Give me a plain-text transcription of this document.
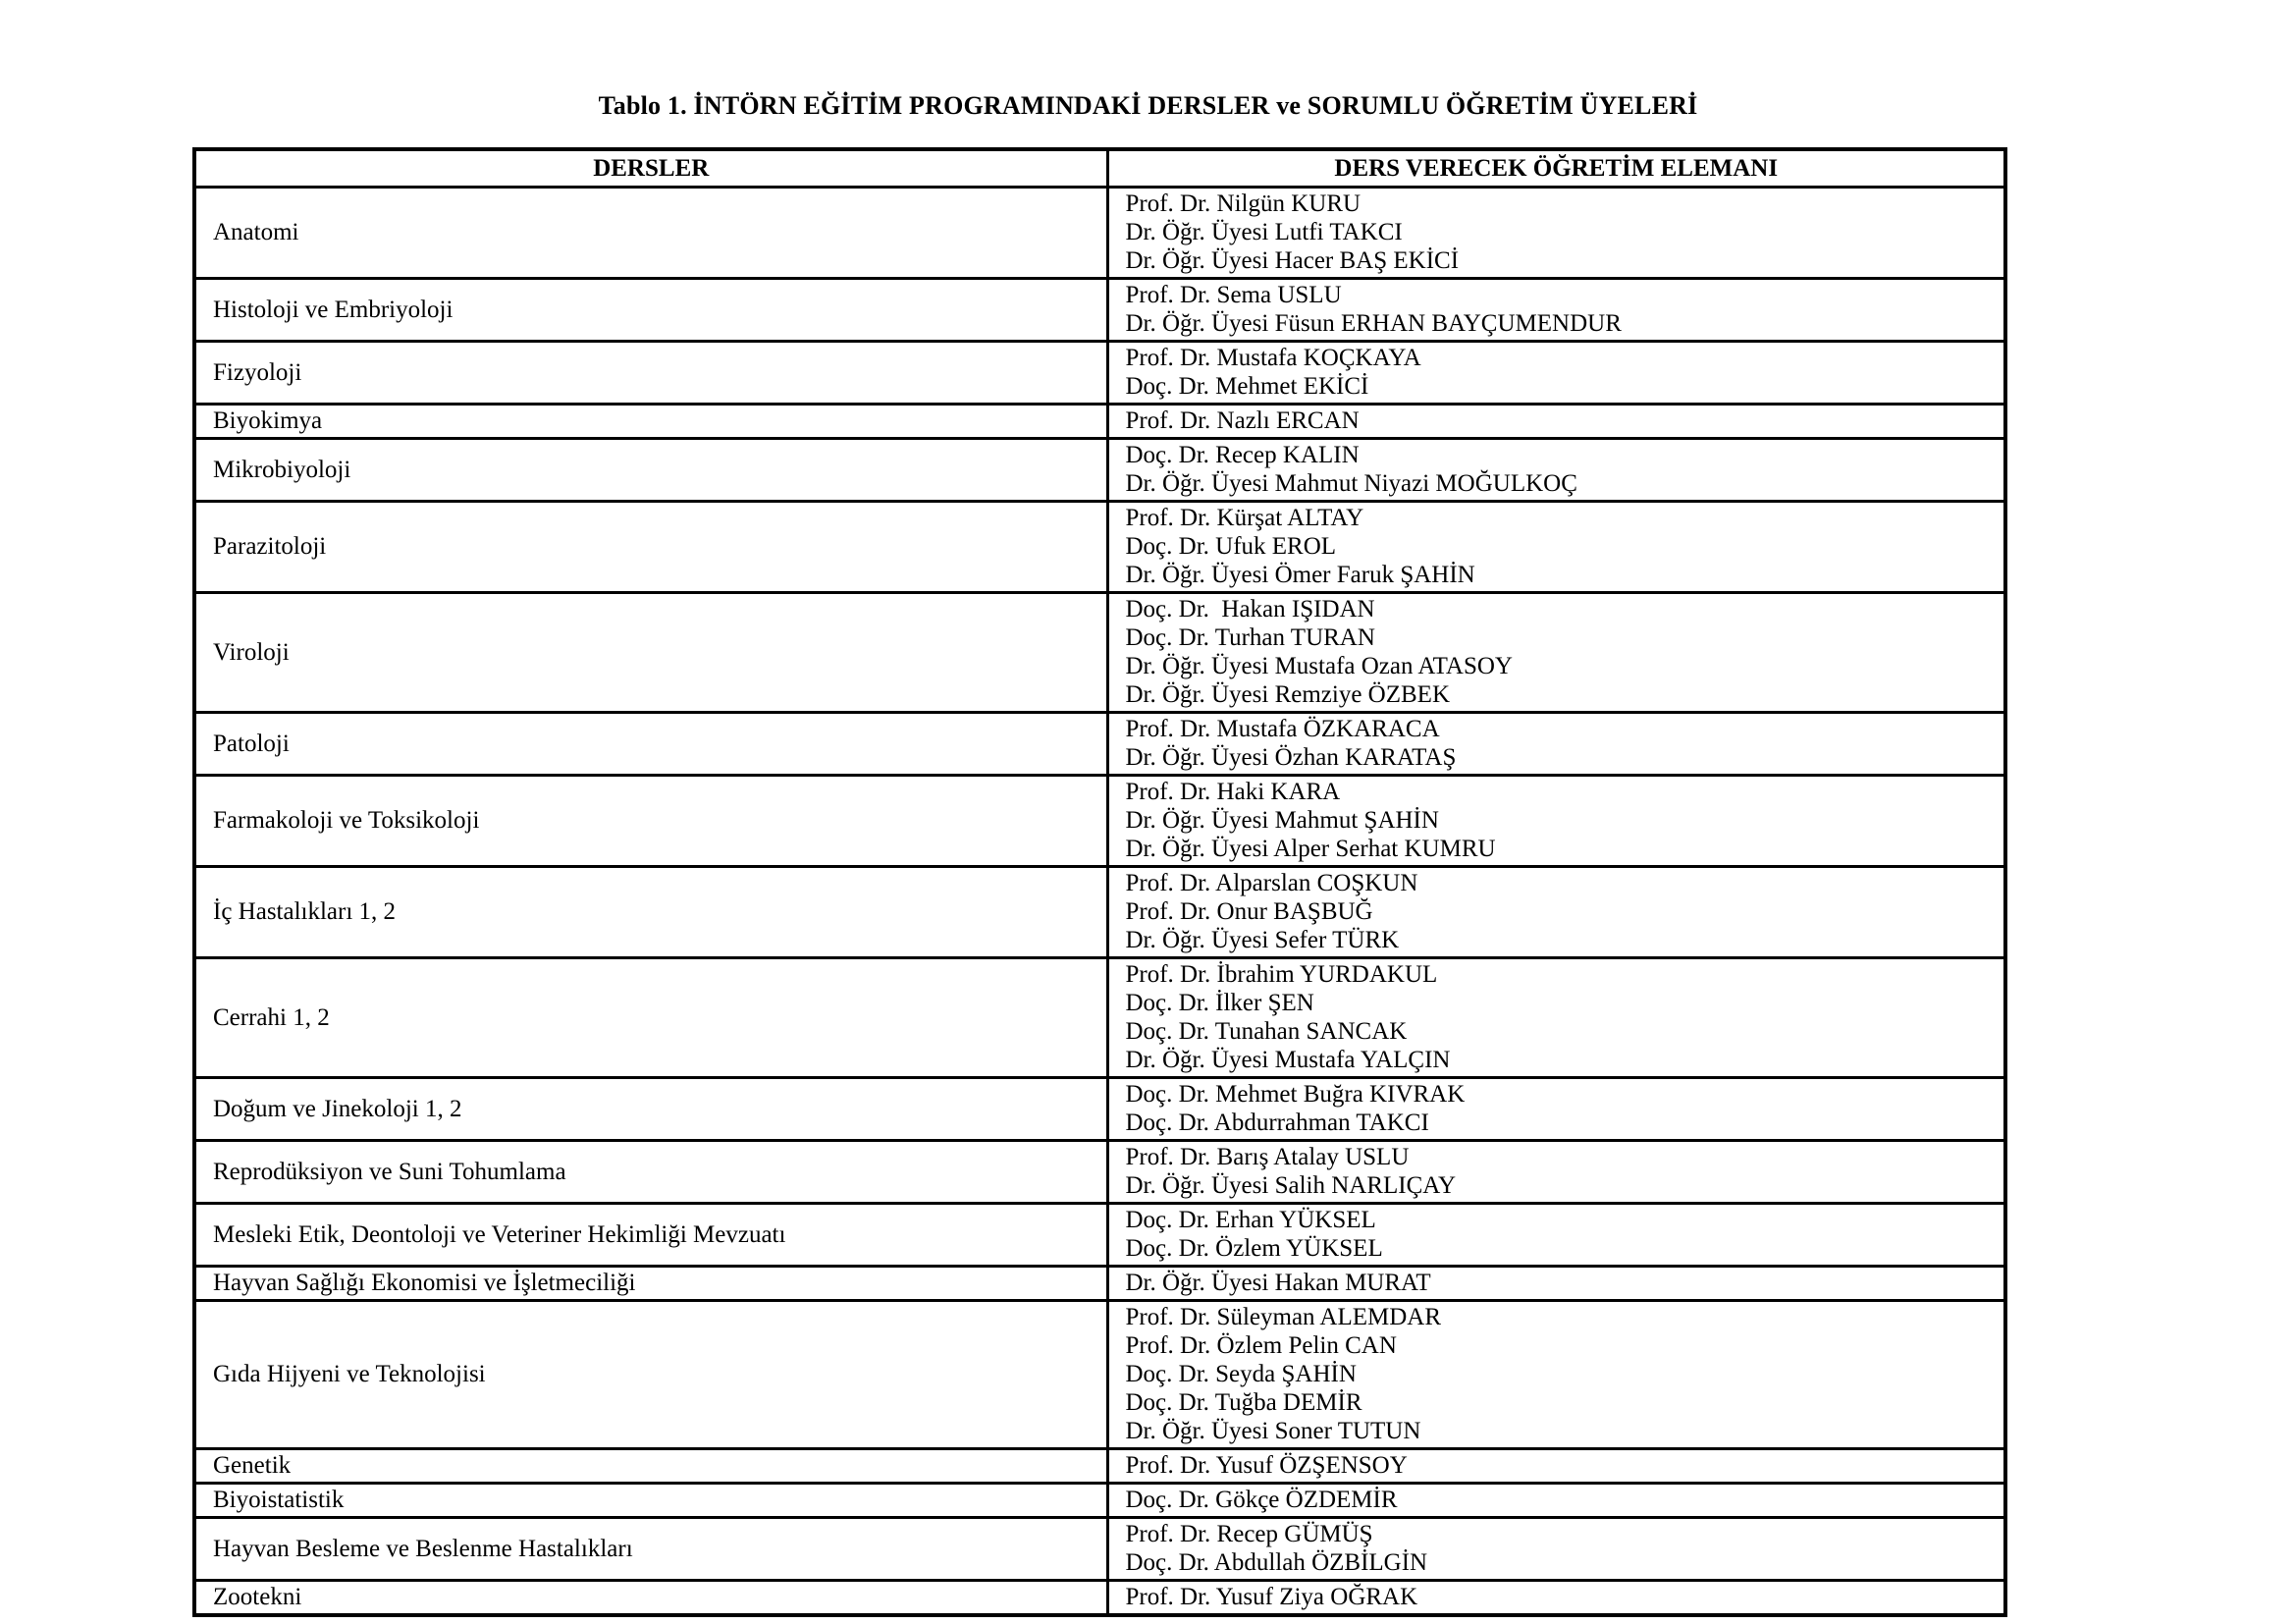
Tablo 1. İNTÖRN EĞİTİM PROGRAMINDAKİ DERSLER ve SORUMLU ÖĞRETİM ÜYELERİ
DERSLER	DERS VERECEK ÖĞRETİM ELEMANI
Anatomi	Prof. Dr. Nilgün KURU
Dr. Öğr. Üyesi Lutfi TAKCI
Dr. Öğr. Üyesi Hacer BAŞ EKİCİ

Histoloji ve Embriyoloji	Prof. Dr. Sema USLU
Dr. Öğr. Üyesi Füsun ERHAN BAYÇUMENDUR

Fizyoloji	Prof. Dr. Mustafa KOÇKAYA
Doç. Dr. Mehmet EKİCİ

Biyokimya	Prof. Dr. Nazlı ERCAN

Mikrobiyoloji	Doç. Dr. Recep KALIN
Dr. Öğr. Üyesi Mahmut Niyazi MOĞULKOÇ

Parazitoloji	Prof. Dr. Kürşat ALTAY
Doç. Dr. Ufuk EROL
Dr. Öğr. Üyesi Ömer Faruk ŞAHİN

Viroloji	Doç. Dr.  Hakan IŞIDAN
Doç. Dr. Turhan TURAN
Dr. Öğr. Üyesi Mustafa Ozan ATASOY
Dr. Öğr. Üyesi Remziye ÖZBEK

Patoloji	Prof. Dr. Mustafa ÖZKARACA
Dr. Öğr. Üyesi Özhan KARATAŞ

Farmakoloji ve Toksikoloji	Prof. Dr. Haki KARA
Dr. Öğr. Üyesi Mahmut ŞAHİN
Dr. Öğr. Üyesi Alper Serhat KUMRU

İç Hastalıkları 1, 2	Prof. Dr. Alparslan COŞKUN
Prof. Dr. Onur BAŞBUĞ
Dr. Öğr. Üyesi Sefer TÜRK

Cerrahi 1, 2	Prof. Dr. İbrahim YURDAKUL
Doç. Dr. İlker ŞEN
Doç. Dr. Tunahan SANCAK
Dr. Öğr. Üyesi Mustafa YALÇIN

Doğum ve Jinekoloji 1, 2	Doç. Dr. Mehmet Buğra KIVRAK
Doç. Dr. Abdurrahman TAKCI

Reprodüksiyon ve Suni Tohumlama	Prof. Dr. Barış Atalay USLU
Dr. Öğr. Üyesi Salih NARLIÇAY

Mesleki Etik, Deontoloji ve Veteriner Hekimliği Mevzuatı	Doç. Dr. Erhan YÜKSEL
Doç. Dr. Özlem YÜKSEL

Hayvan Sağlığı Ekonomisi ve İşletmeciliği	Dr. Öğr. Üyesi Hakan MURAT

Gıda Hijyeni ve Teknolojisi	Prof. Dr. Süleyman ALEMDAR
Prof. Dr. Özlem Pelin CAN
Doç. Dr. Seyda ŞAHİN
Doç. Dr. Tuğba DEMİR
Dr. Öğr. Üyesi Soner TUTUN

Genetik	Prof. Dr. Yusuf ÖZŞENSOY

Biyoistatistik	Doç. Dr. Gökçe ÖZDEMİR

Hayvan Besleme ve Beslenme Hastalıkları	Prof. Dr. Recep GÜMÜŞ
Doç. Dr. Abdullah ÖZBİLGİN

Zootekni	Prof. Dr. Yusuf Ziya OĞRAK
